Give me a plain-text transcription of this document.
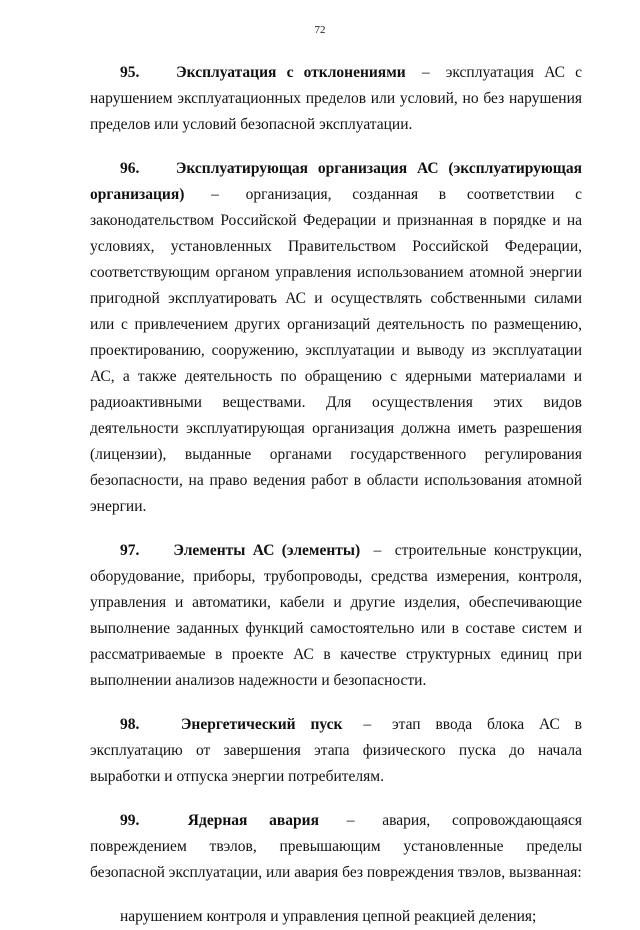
72

95. Эксплуатация с отклонениями – эксплуатация АС с нарушением эксплуатационных пределов или условий, но без нарушения пределов или условий безопасной эксплуатации.

96. Эксплуатирующая организация АС (эксплуатирующая организация) – организация, созданная в соответствии с законодательством Российской Федерации и признанная в порядке и на условиях, установленных Правительством Российской Федерации, соответствующим органом управления использованием атомной энергии пригодной эксплуатировать АС и осуществлять собственными силами или с привлечением других организаций деятельность по размещению, проектированию, сооружению, эксплуатации и выводу из эксплуатации АС, а также деятельность по обращению с ядерными материалами и радиоактивными веществами. Для осуществления этих видов деятельности эксплуатирующая организация должна иметь разрешения (лицензии), выданные органами государственного регулирования безопасности, на право ведения работ в области использования атомной энергии.

97. Элементы АС (элементы) – строительные конструкции, оборудование, приборы, трубопроводы, средства измерения, контроля, управления и автоматики, кабели и другие изделия, обеспечивающие выполнение заданных функций самостоятельно или в составе систем и рассматриваемые в проекте АС в качестве структурных единиц при выполнении анализов надежности и безопасности.

98.	Энергетический пуск – этап ввода блока АС в эксплуатацию от завершения этапа физического пуска до начала выработки и отпуска энергии потребителям.

99.	Ядерная авария – авария, сопровождающаяся повреждением твэлов, превышающим установленные пределы безопасной эксплуатации, или авария без повреждения твэлов, вызванная:

нарушением контроля и управления цепной реакцией деления;
